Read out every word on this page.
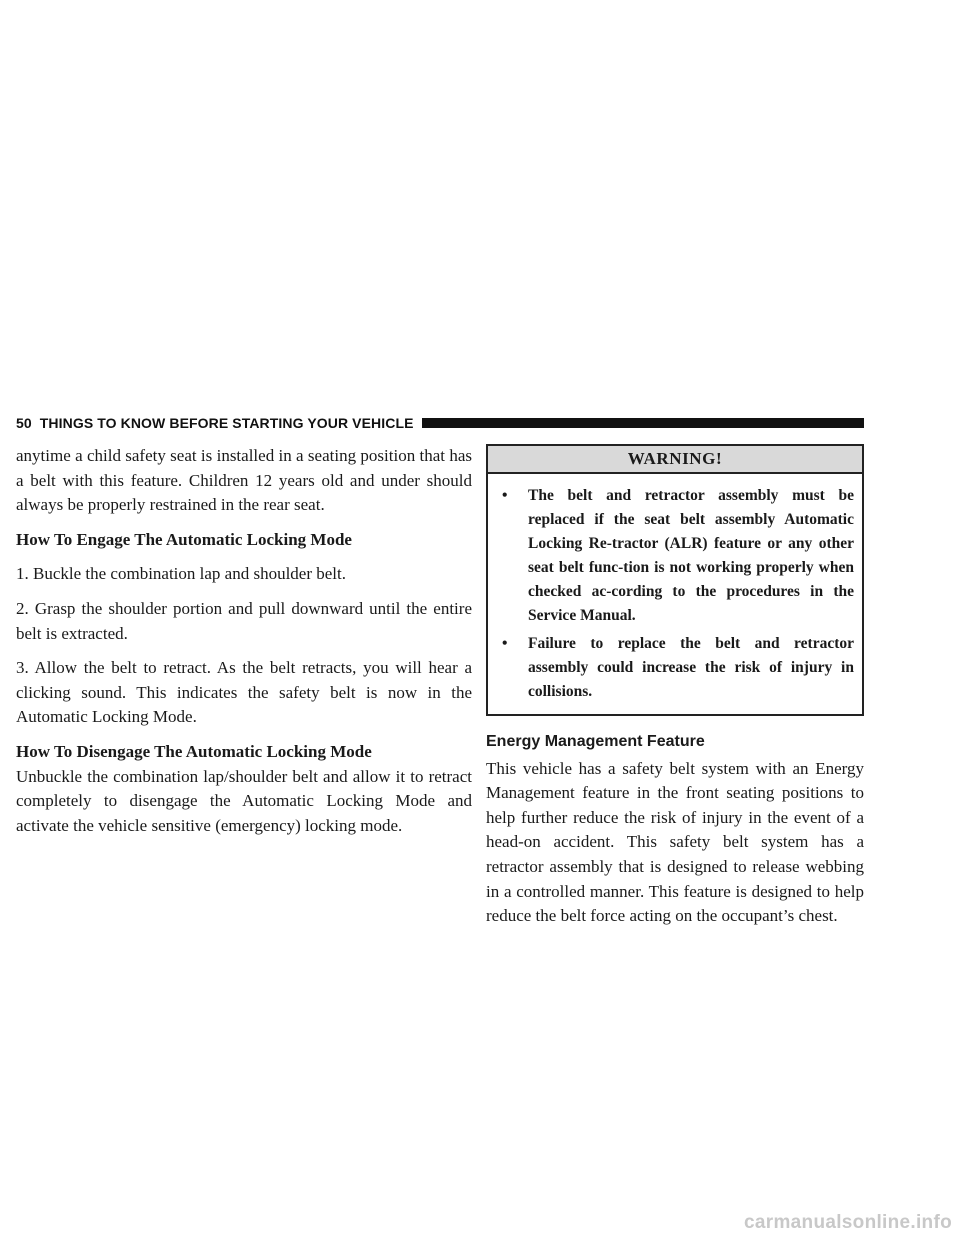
50 THINGS TO KNOW BEFORE STARTING YOUR VEHICLE

anytime a child safety seat is installed in a seating position that has a belt with this feature. Children 12 years old and under should always be properly restrained in the rear seat.

How To Engage The Automatic Locking Mode

1. Buckle the combination lap and shoulder belt.

2. Grasp the shoulder portion and pull downward until the entire belt is extracted.

3. Allow the belt to retract. As the belt retracts, you will hear a clicking sound. This indicates the safety belt is now in the Automatic Locking Mode.

How To Disengage The Automatic Locking Mode

Unbuckle the combination lap/shoulder belt and allow it to retract completely to disengage the Automatic Locking Mode and activate the vehicle sensitive (emergency) locking mode.

WARNING!
• The belt and retractor assembly must be replaced if the seat belt assembly Automatic Locking Re-tractor (ALR) feature or any other seat belt func-tion is not working properly when checked ac-cording to the procedures in the Service Manual.
• Failure to replace the belt and retractor assembly could increase the risk of injury in collisions.
Energy Management Feature

This vehicle has a safety belt system with an Energy Management feature in the front seating positions to help further reduce the risk of injury in the event of a head-on accident. This safety belt system has a retractor assembly that is designed to release webbing in a controlled manner. This feature is designed to help reduce the belt force acting on the occupant’s chest.

carmanualsonline.info
